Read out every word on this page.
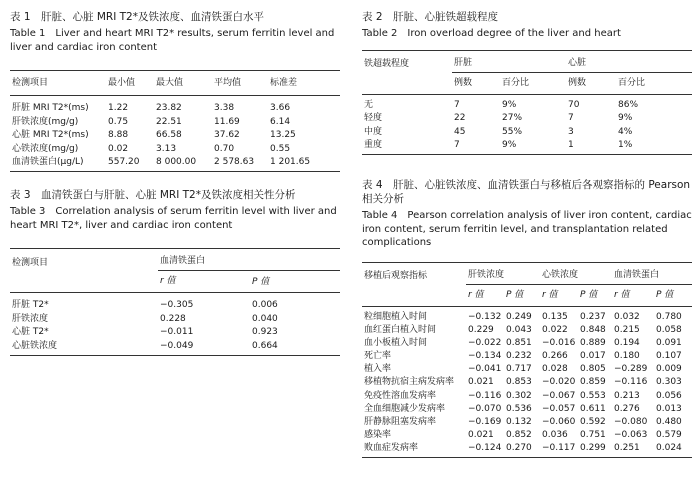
表 1　肝脏、心脏 MRI T2*及铁浓度、血清铁蛋白水平

Table 1　Liver and heart MRI T2* results, serum ferritin level and liver and cardiac iron content

检测项目	最小值	最大值	平均值	标准差
肝脏 MRI T2*(ms)	1.22	23.82	3.38	3.66
肝铁浓度(mg/g)	0.75	22.51	11.69	6.14
心脏 MRI T2*(ms)	8.88	66.58	37.62	13.25
心铁浓度(mg/g)	0.02	3.13	0.70	0.55
血清铁蛋白(μg/L)	557.20	8 000.00	2 578.63	1 201.65

表 3　血清铁蛋白与肝脏、心脏 MRI T2*及铁浓度相关性分析

Table 3　Correlation analysis of serum ferritin level with liver and heart MRI T2*, liver and cardiac iron content

检测项目	血清铁蛋白	
	r 值	P 值
肝脏 T2*	−0.305	0.006
肝铁浓度	0.228	0.040
心脏 T2*	−0.011	0.923
心脏铁浓度	−0.049	0.664

表 2　肝脏、心脏铁超载程度

Table 2　Iron overload degree of the liver and heart

铁超载程度	肝脏		心脏	
	例数	百分比	例数	百分比
无	7	9%	70	86%
轻度	22	27%	7	9%
中度	45	55%	3	4%
重度	7	9%	1	1%

表 4　肝脏、心脏铁浓度、血清铁蛋白与移植后各观察指标的 Pearson 相关分析

Table 4　Pearson correlation analysis of liver iron content, cardiac iron content, serum ferritin level, and transplantation related complications

移植后观察指标	肝铁浓度		心铁浓度		血清铁蛋白	
	r 值	P 值	r 值	P 值	r 值	P 值
粒细胞植入时间	−0.132	0.249	0.135	0.237	0.032	0.780
血红蛋白植入时间	0.229	0.043	0.022	0.848	0.215	0.058
血小板植入时间	−0.022	0.851	−0.016	0.889	0.194	0.091
死亡率	−0.134	0.232	0.266	0.017	0.180	0.107
植入率	−0.041	0.717	0.028	0.805	−0.289	0.009
移植物抗宿主病发病率	0.021	0.853	−0.020	0.859	−0.116	0.303
免疫性溶血发病率	−0.116	0.302	−0.067	0.553	0.213	0.056
全血细胞减少发病率	−0.070	0.536	−0.057	0.611	0.276	0.013
肝静脉阻塞发病率	−0.169	0.132	−0.060	0.592	−0.080	0.480
感染率	0.021	0.852	0.036	0.751	−0.063	0.579
败血症发病率	−0.124	0.270	−0.117	0.299	0.251	0.024
